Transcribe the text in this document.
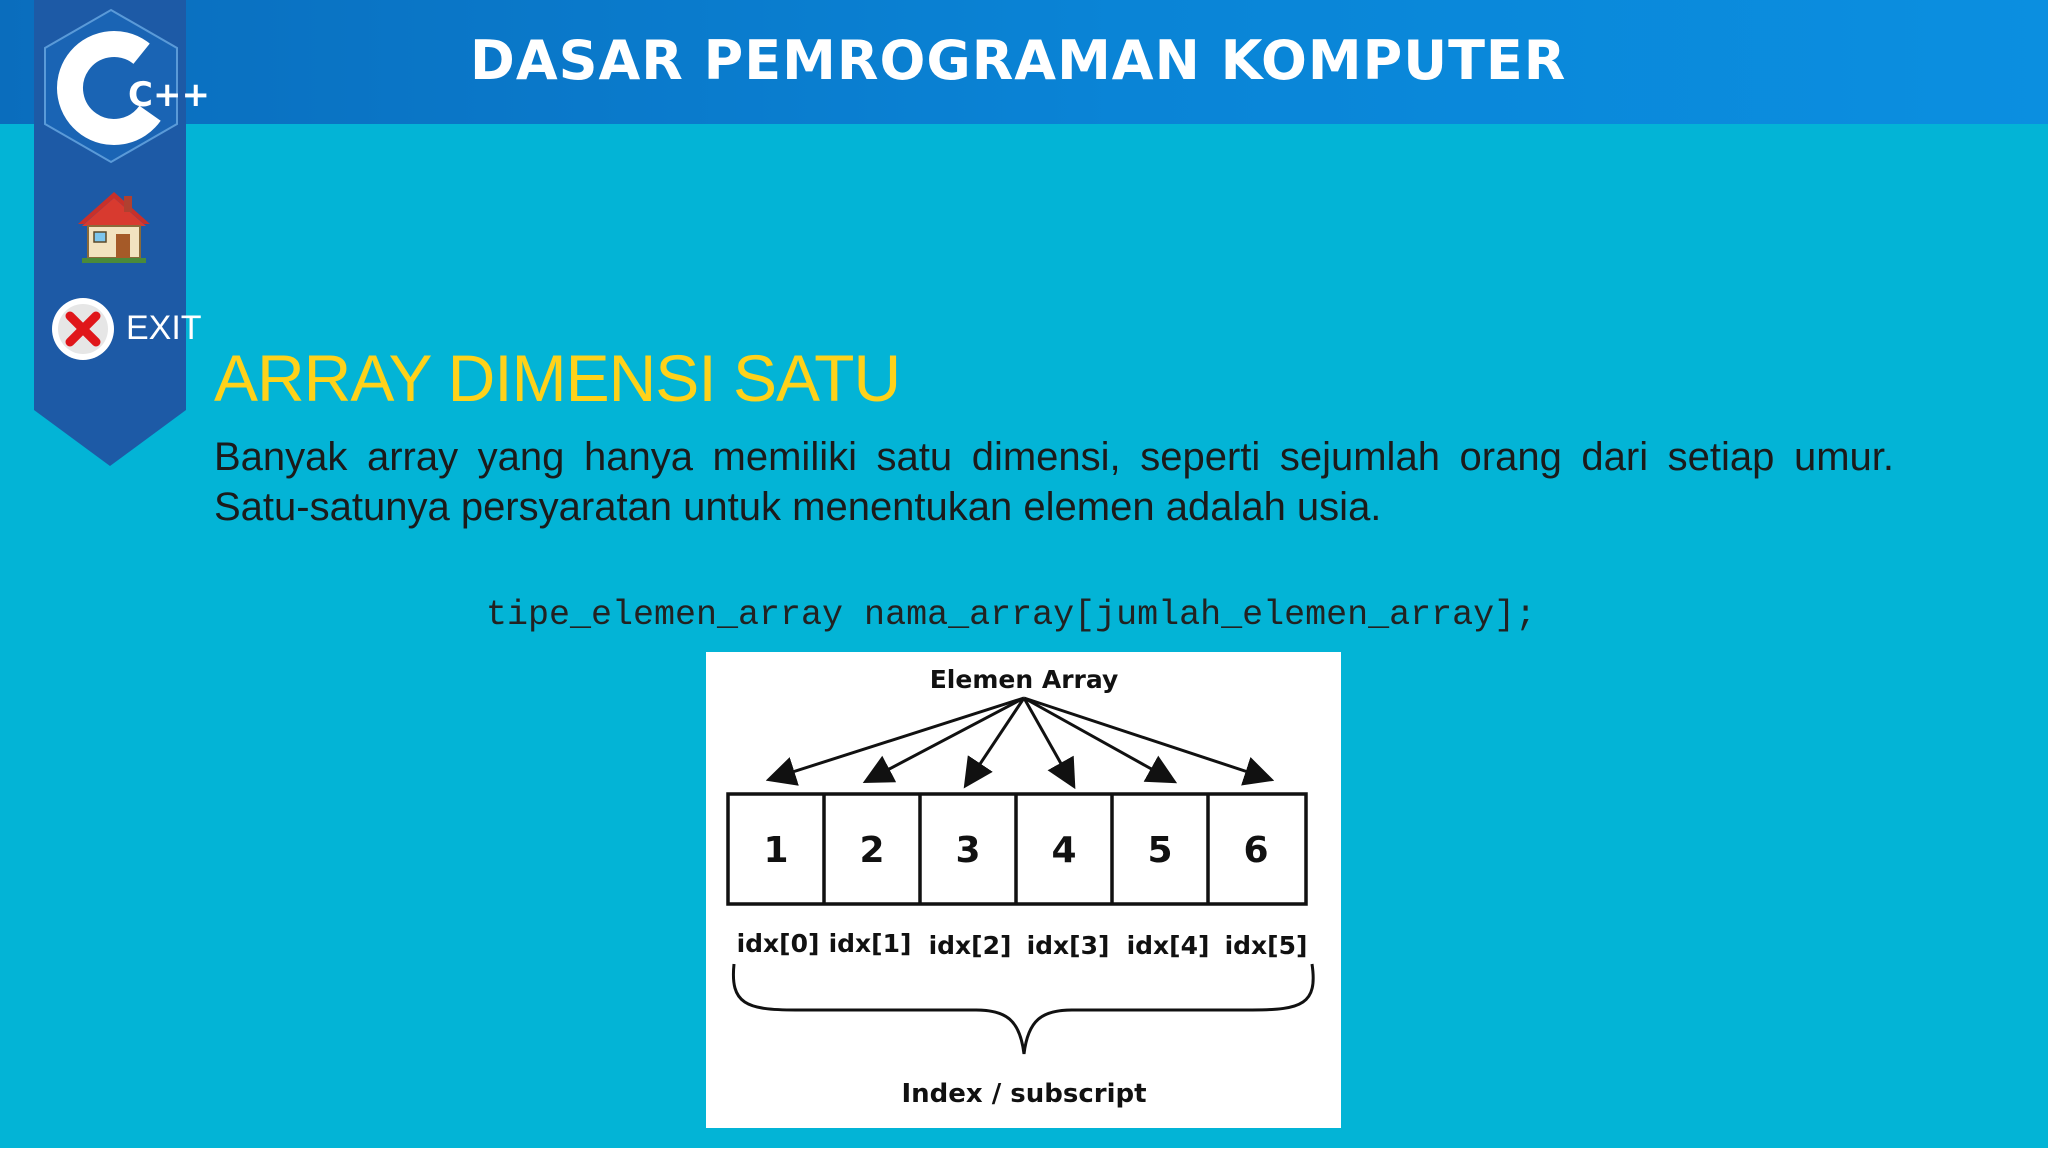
DASAR PEMROGRAMAN KOMPUTER
C++
EXIT
ARRAY DIMENSI SATU
Banyak array yang hanya memiliki satu dimensi, seperti sejumlah orang dari setiap umur. Satu-satunya persyaratan untuk menentukan elemen adalah usia.
tipe_elemen_array nama_array[jumlah_elemen_array];
Elemen Array
1 2 3 4 5 6
idx[0] idx[1] idx[2] idx[3] idx[4] idx[5]
Index / subscript
